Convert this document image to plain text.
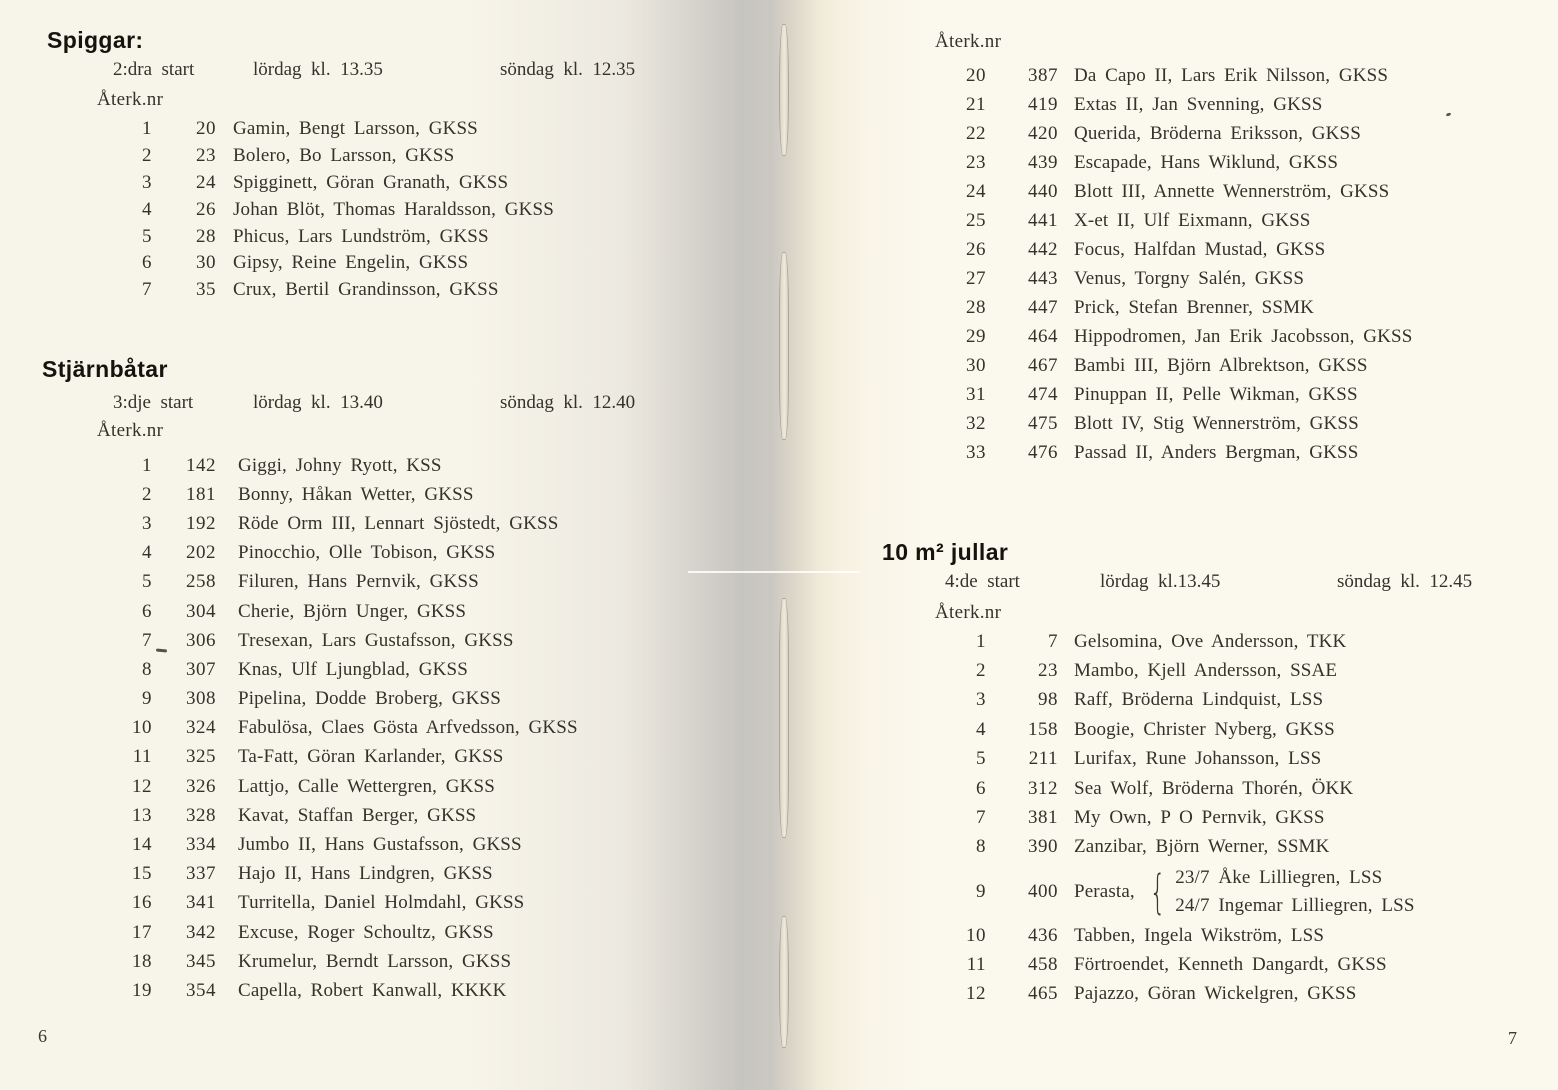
Spiggar:
2:dra start	lördag kl. 13.35	söndag kl. 12.35
Återk.nr
1	20 Gamin, Bengt Larsson, GKSS
2	23 Bolero, Bo Larsson, GKSS
3	24 Spigginett, Göran Granath, GKSS
4	26 Johan Blöt, Thomas Haraldsson, GKSS
5	28 Phicus, Lars Lundström, GKSS
6	30 Gipsy, Reine Engelin, GKSS
7	35 Crux, Bertil Grandinsson, GKSS
Stjärnbåtar
3:dje start	lördag kl. 13.40	söndag kl. 12.40
Återk.nr
1	142	Giggi, Johny Ryott, KSS
2	181	Bonny, Håkan Wetter, GKSS
3	192	Röde Orm III, Lennart Sjöstedt, GKSS
4	202	Pinocchio, Olle Tobison, GKSS
5	258	Filuren, Hans Pernvik, GKSS
6	304	Cherie, Björn Unger, GKSS
7	306	Tresexan, Lars Gustafsson, GKSS
8	307	Knas, Ulf Ljungblad, GKSS
9	308	Pipelina, Dodde Broberg, GKSS
10	324	Fabulösa, Claes Gösta Arfvedsson, GKSS
11	325	Ta-Fatt, Göran Karlander, GKSS
12	326	Lattjo, Calle Wettergren, GKSS
13	328	Kavat, Staffan Berger, GKSS
14	334	Jumbo II, Hans Gustafsson, GKSS
15	337	Hajo II, Hans Lindgren, GKSS
16	341	Turritella, Daniel Holmdahl, GKSS
17	342	Excuse, Roger Schoultz, GKSS
18	345	Krumelur, Berndt Larsson, GKSS
19	354	Capella, Robert Kanwall, KKKK
6
Återk.nr
20	387 Da Capo II, Lars Erik Nilsson, GKSS
21	419 Extas II, Jan Svenning, GKSS
22	420 Querida, Bröderna Eriksson, GKSS
23	439 Escapade, Hans Wiklund, GKSS
24	440 Blott III, Annette Wennerström, GKSS
25	441 X-et II, Ulf Eixmann, GKSS
26	442 Focus, Halfdan Mustad, GKSS
27	443 Venus, Torgny Salén, GKSS
28	447 Prick, Stefan Brenner, SSMK
29	464 Hippodromen, Jan Erik Jacobsson, GKSS
30	467 Bambi III, Björn Albrektson, GKSS
31	474 Pinuppan II, Pelle Wikman, GKSS
32	475 Blott IV, Stig Wennerström, GKSS
33	476 Passad II, Anders Bergman, GKSS
10 m² jullar
4:de start	lördag kl.13.45	söndag kl. 12.45
Återk.nr
1	7 Gelsomina, Ove Andersson, TKK
2	23 Mambo, Kjell Andersson, SSAE
3	98 Raff, Bröderna Lindquist, LSS
4	158 Boogie, Christer Nyberg, GKSS
5	211 Lurifax, Rune Johansson, LSS
6	312 Sea Wolf, Bröderna Thorén, ÖKK
7	381 My Own, P O Pernvik, GKSS
8	390 Zanzibar, Björn Werner, SSMK
9	400 Perasta, { 23/7 Åke Lilliegren, LSS
24/7 Ingemar Lilliegren, LSS
10	436 Tabben, Ingela Wikström, LSS
11	458 Förtroendet, Kenneth Dangardt, GKSS
12	465 Pajazzo, Göran Wickelgren, GKSS
7
